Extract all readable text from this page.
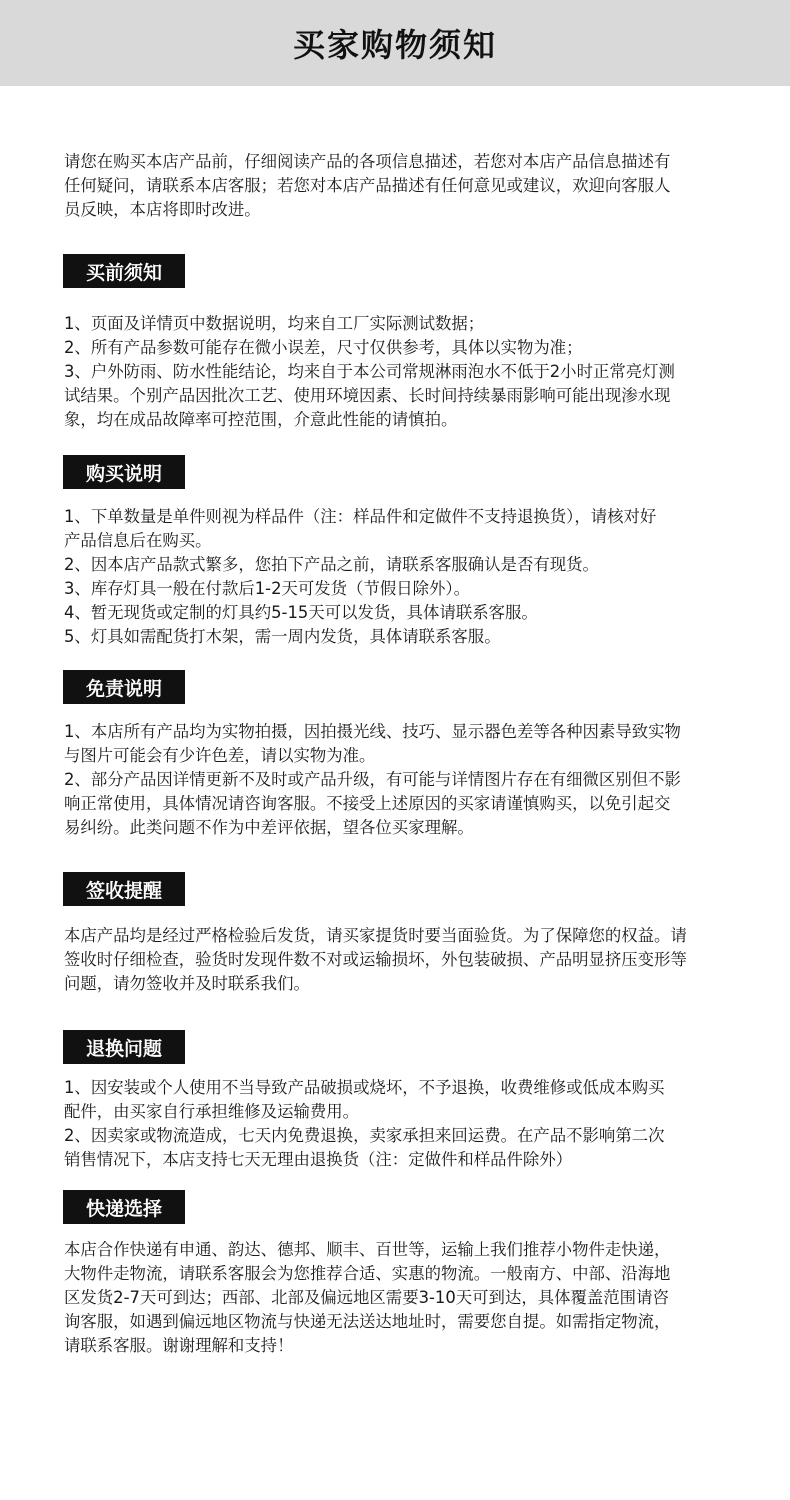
买家购物须知
请您在购买本店产品前，仔细阅读产品的各项信息描述，若您对本店产品信息描述有
任何疑问，请联系本店客服；若您对本店产品描述有任何意见或建议，欢迎向客服人
员反映，本店将即时改进。
买前须知
1、页面及详情页中数据说明，均来自工厂实际测试数据；
2、所有产品参数可能存在微小误差，尺寸仅供参考，具体以实物为准；
3、户外防雨、防水性能结论，均来自于本公司常规淋雨泡水不低于2小时正常亮灯测
试结果。个别产品因批次工艺、使用环境因素、长时间持续暴雨影响可能出现渗水现
象，均在成品故障率可控范围，介意此性能的请慎拍。
购买说明
1、下单数量是单件则视为样品件（注：样品件和定做件不支持退换货），请核对好
产品信息后在购买。
2、因本店产品款式繁多，您拍下产品之前，请联系客服确认是否有现货。
3、库存灯具一般在付款后1-2天可发货（节假日除外）。
4、暂无现货或定制的灯具约5-15天可以发货，具体请联系客服。
5、灯具如需配货打木架，需一周内发货，具体请联系客服。
免责说明
1、本店所有产品均为实物拍摄，因拍摄光线、技巧、显示器色差等各种因素导致实物
与图片可能会有少许色差，请以实物为准。
2、部分产品因详情更新不及时或产品升级，有可能与详情图片存在有细微区别但不影
响正常使用，具体情况请咨询客服。不接受上述原因的买家请谨慎购买，以免引起交
易纠纷。此类问题不作为中差评依据，望各位买家理解。
签收提醒
本店产品均是经过严格检验后发货，请买家提货时要当面验货。为了保障您的权益。请
签收时仔细检查，验货时发现件数不对或运输损坏，外包装破损、产品明显挤压变形等
问题，请勿签收并及时联系我们。
退换问题
1、因安装或个人使用不当导致产品破损或烧坏，不予退换，收费维修或低成本购买
配件，由买家自行承担维修及运输费用。
2、因卖家或物流造成，七天内免费退换，卖家承担来回运费。在产品不影响第二次
销售情况下，本店支持七天无理由退换货（注：定做件和样品件除外）
快递选择
本店合作快递有申通、韵达、德邦、顺丰、百世等，运输上我们推荐小物件走快递，
大物件走物流，请联系客服会为您推荐合适、实惠的物流。一般南方、中部、沿海地
区发货2-7天可到达；西部、北部及偏远地区需要3-10天可到达，具体覆盖范围请咨
询客服，如遇到偏远地区物流与快递无法送达地址时，需要您自提。如需指定物流，
请联系客服。谢谢理解和支持！
